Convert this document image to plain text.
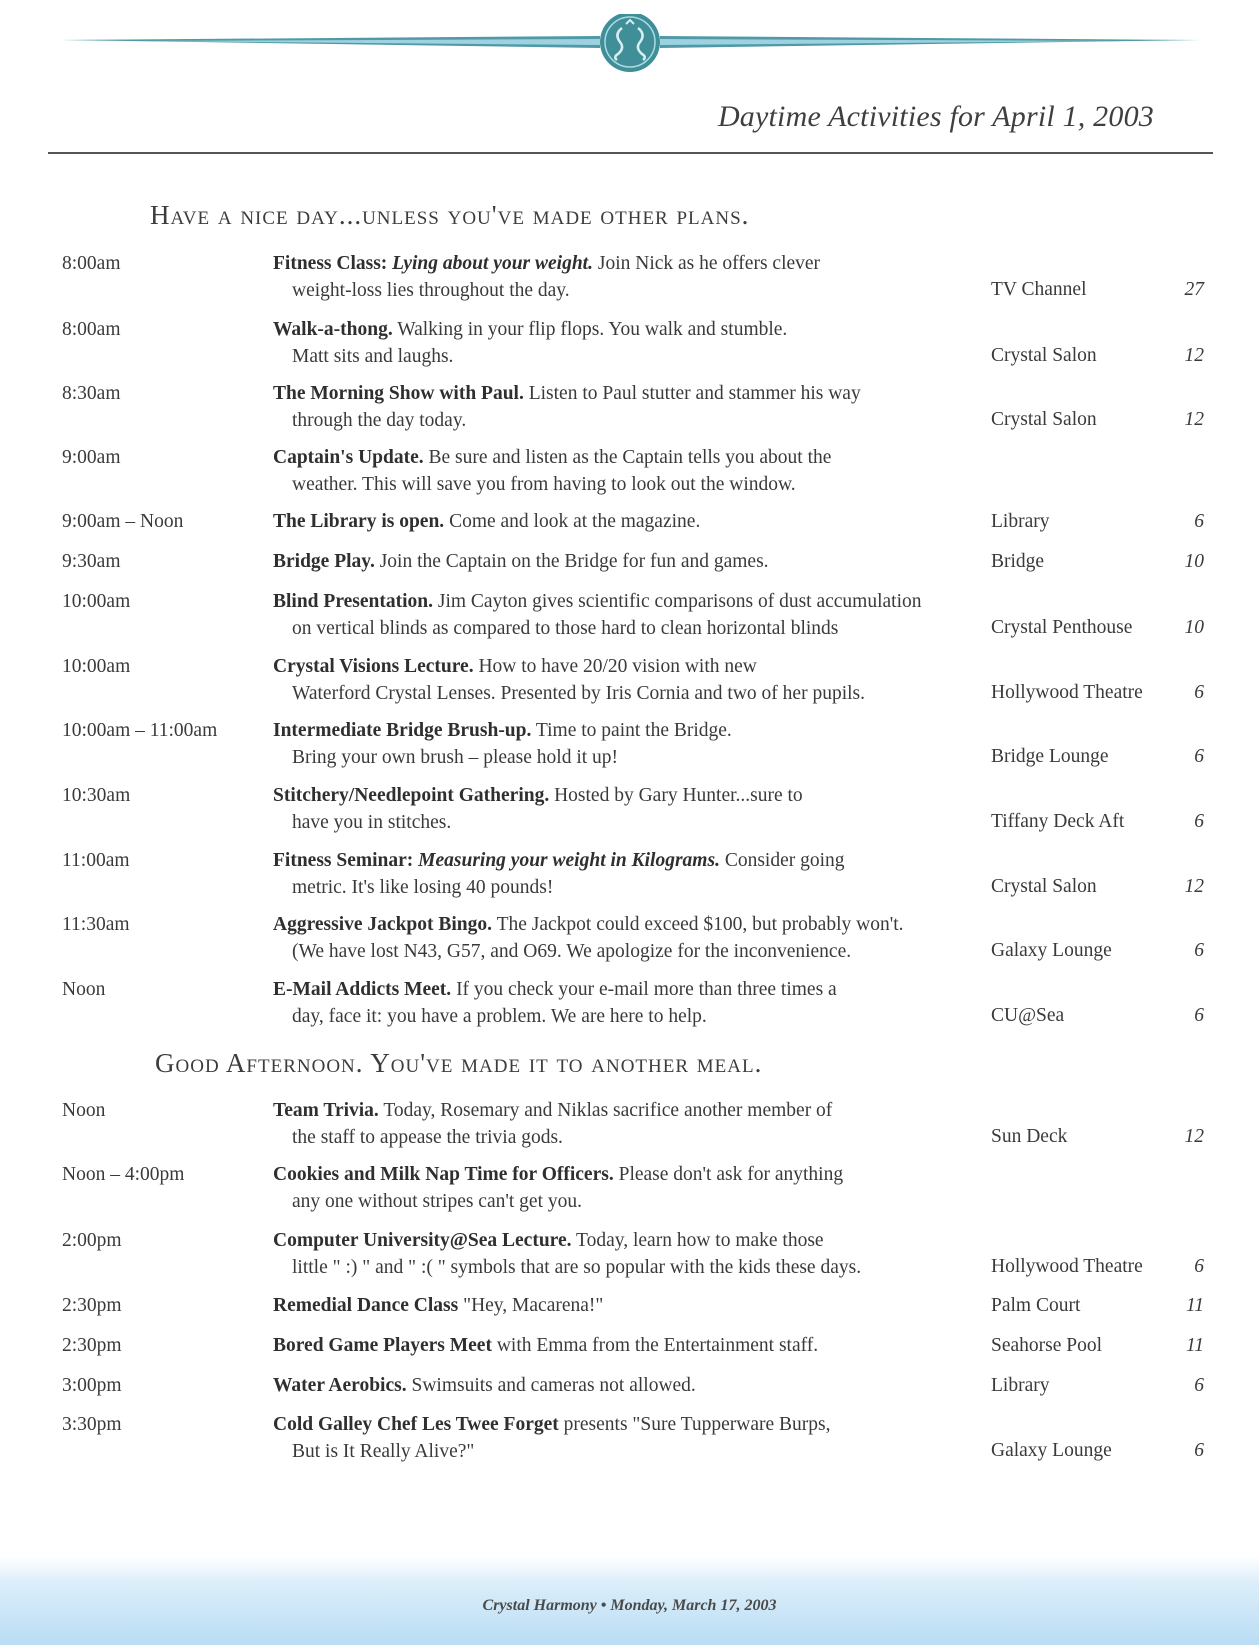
Daytime Activities for April 1, 2003
Have a nice day...unless you've made other plans.
8:00am	Fitness Class: Lying about your weight. Join Nick as he offers clever
weight-loss lies throughout the day.	TV Channel	27
8:00am	Walk-a-thong. Walking in your flip flops. You walk and stumble.
Matt sits and laughs.	Crystal Salon	12
8:30am	The Morning Show with Paul. Listen to Paul stutter and stammer his way
through the day today.	Crystal Salon	12
9:00am	Captain's Update. Be sure and listen as the Captain tells you about the
weather. This will save you from having to look out the window.
9:00am – Noon	The Library is open. Come and look at the magazine.	Library	6
9:30am	Bridge Play. Join the Captain on the Bridge for fun and games.	Bridge	10
10:00am	Blind Presentation. Jim Cayton gives scientific comparisons of dust accumulation
on vertical blinds as compared to those hard to clean horizontal blinds	Crystal Penthouse	10
10:00am	Crystal Visions Lecture. How to have 20/20 vision with new
Waterford Crystal Lenses. Presented by Iris Cornia and two of her pupils.	Hollywood Theatre	6
10:00am – 11:00am	Intermediate Bridge Brush-up. Time to paint the Bridge.
Bring your own brush – please hold it up!	Bridge Lounge	6
10:30am	Stitchery/Needlepoint Gathering. Hosted by Gary Hunter...sure to
have you in stitches.	Tiffany Deck Aft	6
11:00am	Fitness Seminar: Measuring your weight in Kilograms. Consider going
metric. It's like losing 40 pounds!	Crystal Salon	12
11:30am	Aggressive Jackpot Bingo. The Jackpot could exceed $100, but probably won't.
(We have lost N43, G57, and O69. We apologize for the inconvenience.	Galaxy Lounge	6
Noon	E-Mail Addicts Meet. If you check your e-mail more than three times a
day, face it: you have a problem. We are here to help.	CU@Sea	6
Good Afternoon. You've made it to another meal.
Noon	Team Trivia. Today, Rosemary and Niklas sacrifice another member of
the staff to appease the trivia gods.	Sun Deck	12
Noon – 4:00pm	Cookies and Milk Nap Time for Officers. Please don't ask for anything
any one without stripes can't get you.
2:00pm	Computer University@Sea Lecture. Today, learn how to make those
little " :) " and " :( " symbols that are so popular with the kids these days.	Hollywood Theatre	6
2:30pm	Remedial Dance Class "Hey, Macarena!"	Palm Court	11
2:30pm	Bored Game Players Meet with Emma from the Entertainment staff.	Seahorse Pool	11
3:00pm	Water Aerobics. Swimsuits and cameras not allowed.	Library	6
3:30pm	Cold Galley Chef Les Twee Forget presents "Sure Tupperware Burps,
But is It Really Alive?"	Galaxy Lounge	6
Crystal Harmony • Monday, March 17, 2003
